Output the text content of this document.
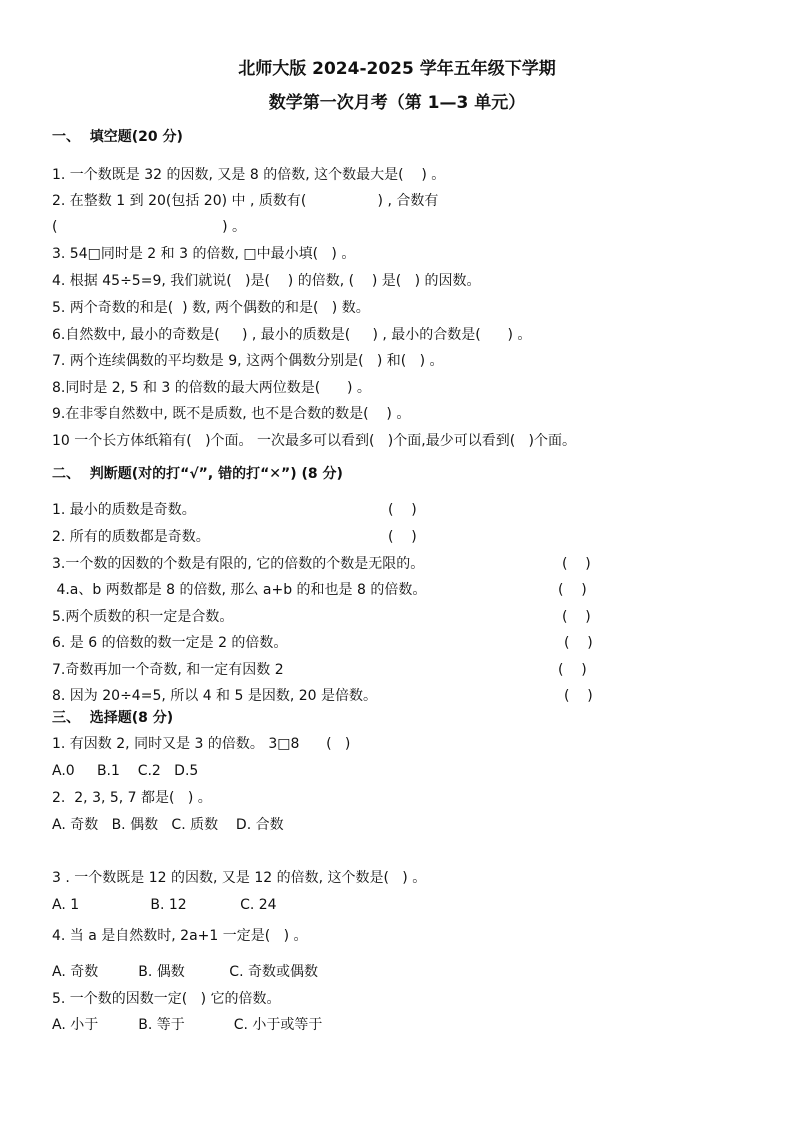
北师大版 2024-2025 学年五年级下学期
数学第一次月考（第 1—3 单元）
一、  填空题(20 分)
1. 一个数既是 32 的因数, 又是 8 的倍数, 这个数最大是(    ) 。
2. 在整数 1 到 20(包括 20) 中 , 质数有(                ) , 合数有
(                                     ) 。
3. 54□同时是 2 和 3 的倍数, □中最小填(   ) 。
4. 根据 45÷5=9, 我们就说(   )是(    ) 的倍数, (    ) 是(   ) 的因数。
5. 两个奇数的和是(  ) 数, 两个偶数的和是(   ) 数。
6.自然数中, 最小的奇数是(     ) , 最小的质数是(     ) , 最小的合数是(      ) 。
7. 两个连续偶数的平均数是 9, 这两个偶数分别是(   ) 和(   ) 。
8.同时是 2, 5 和 3 的倍数的最大两位数是(      ) 。
9.在非零自然数中, 既不是质数, 也不是合数的数是(    ) 。
10 一个长方体纸箱有(   )个面。 一次最多可以看到(   )个面,最少可以看到(   )个面。
二、  判断题(对的打“√”, 错的打“✕”) (8 分)
1. 最小的质数是奇数。	(    )
2. 所有的质数都是奇数。	(    )
3.一个数的因数的个数是有限的, 它的倍数的个数是无限的。	(    )
4.a、b 两数都是 8 的倍数, 那么 a+b 的和也是 8 的倍数。	(    )
5.两个质数的积一定是合数。	(    )
6. 是 6 的倍数的数一定是 2 的倍数。	(    )
7.奇数再加一个奇数, 和一定有因数 2	(    )
8. 因为 20÷4=5, 所以 4 和 5 是因数, 20 是倍数。	(    )
三、  选择题(8 分)
1. 有因数 2, 同时又是 3 的倍数。 3□8      (   )
A.0     B.1    C.2   D.5
2.  2, 3, 5, 7 都是(   ) 。
A. 奇数   B. 偶数   C. 质数    D. 合数
3 . 一个数既是 12 的因数, 又是 12 的倍数, 这个数是(   ) 。
A. 1                B. 12            C. 24
4. 当 a 是自然数时, 2a+1 一定是(   ) 。
A. 奇数         B. 偶数          C. 奇数或偶数
5. 一个数的因数一定(   ) 它的倍数。
A. 小于         B. 等于           C. 小于或等于
